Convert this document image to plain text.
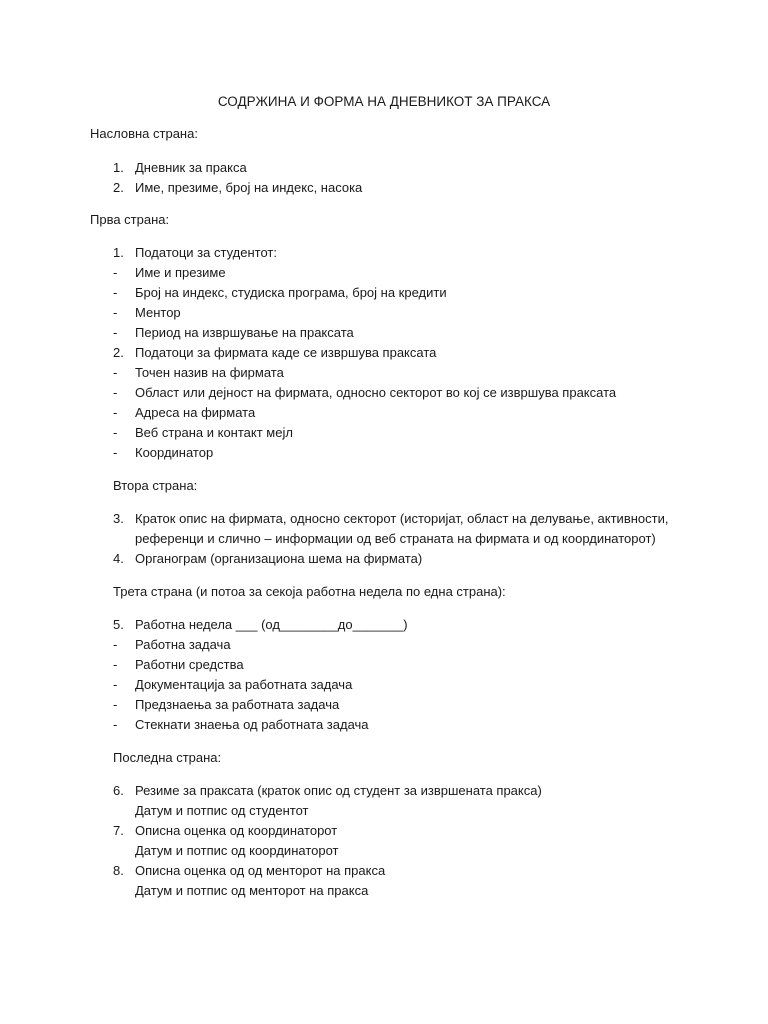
СОДРЖИНА И ФОРМА НА ДНЕВНИКОТ ЗА ПРАКСА
Насловна страна:
1. Дневник за пракса
2. Име, презиме, број на индекс, насока
Прва страна:
1. Податоци за студентот:
- Име и презиме
- Број на индекс, студиска програма, број на кредити
- Ментор
- Период на извршување на праксата
2. Податоци за фирмата каде се извршува праксата
- Точен назив на фирмата
- Област или дејност на фирмата, односно секторот во кој се извршува праксата
- Адреса на фирмата
- Веб страна и контакт мејл
- Координатор
Втора страна:
3. Краток опис на фирмата, односно секторот (историјат, област на делување, активности,
референци и слично – информации од веб страната на фирмата и од координаторот)
4. Органограм (организациона шема на фирмата)
Трета страна (и потоа за секоја работна недела по една страна):
5. Работна недела ___ (од________до_______)
- Работна задача
- Работни средства
- Документација за работната задача
- Предзнаења за работната задача
- Стекнати знаења од работната задача
Последна страна:
6. Резиме за праксата (краток опис од студент за извршената пракса)
Датум и потпис од студентот
7. Описна оценка од координаторот
Датум и потпис од координаторот
8. Описна оценка од од менторот на пракса
Датум и потпис од менторот на пракса
